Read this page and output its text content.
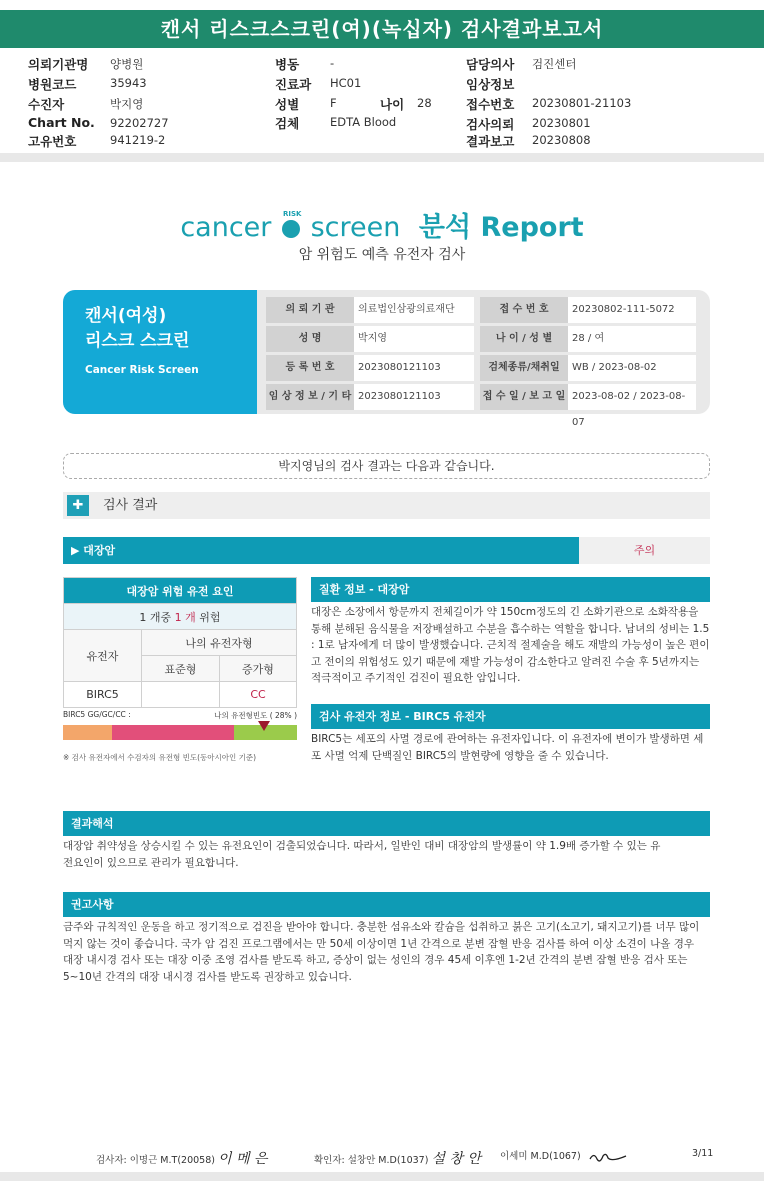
캔서 리스크스크린(여)(녹십자) 검사결과보고서
의뢰기관명 양병원
병원코드	35943
수진자	박지영
Chart No. 92202727
고유번호	941219-2
병동	-
진료과 HC01
성별	F	나이 28
검체	EDTA Blood
담당의사 검진센터
임상정보
접수번호 20230801-21103
검사의뢰 20230801
결과보고 20230808
cancer RISK screen 분석 Report
암 위험도 예측 유전자 검사
캔서(여성)
리스크 스크린
Cancer Risk Screen
의 뢰 기 관	의료법인삼광의료재단	접 수 번 호	20230802-111-5072
성 명	박지영	나 이 / 성 별	28 / 여
등 록 번 호	2023080121103	검체종류/채취일	WB / 2023-08-02
임 상 정 보 / 기 타 2023080121103	접 수 일 / 보 고 일 2023-08-02 / 2023-08-07
박지영님의 검사 결과는 다음과 같습니다.
✚	검사 결과
▶ 대장암	주의
대장암 위험 유전 요인		
1 개중 1 개 위험		
유전자	나의 유전자형	
	표준형	증가형
BIRC5		CC
BIRC5 GG/GC/CC :	나의 유전형빈도 ( 28% )
※ 검사 유전자에서 수검자의 유전형 빈도(동아시아인 기준)
질환 정보 - 대장암
대장은 소장에서 항문까지 전체길이가 약 150cm정도의 긴 소화기관으로 소화작용을 통해 분해된 음식물을 저장배설하고 수분을 흡수하는 역할을 합니다. 남녀의 성비는 1.5 : 1로 남자에게 더 많이 발생했습니다. 근치적 절제술을 해도 재발의 가능성이 높은 편이고 전이의 위험성도 있기 때문에 재발 가능성이 감소한다고 알려진 수술 후 5년까지는 적극적이고 주기적인 검진이 필요한 암입니다.
검사 유전자 정보 - BIRC5 유전자
BIRC5는 세포의 사멸 경로에 관여하는 유전자입니다. 이 유전자에 변이가 발생하면 세포 사멸 억제 단백질인 BIRC5의 발현량에 영향을 줄 수 있습니다.
결과해석
대장암 취약성을 상승시킬 수 있는 유전요인이 검출되었습니다. 따라서, 일반인 대비 대장암의 발생률이 약 1.9배 증가할 수 있는 유전요인이 있으므로 관리가 필요합니다.
권고사항
금주와 규칙적인 운동을 하고 정기적으로 검진을 받아야 합니다. 충분한 섬유소와 칼슘을 섭취하고 붉은 고기(소고기, 돼지고기)를 너무 많이 먹지 않는 것이 좋습니다. 국가 암 검진 프로그램에서는 만 50세 이상이면 1년 간격으로 분변 잠혈 반응 검사를 하여 이상 소견이 나올 경우 대장 내시경 검사 또는 대장 이중 조영 검사를 받도록 하고, 증상이 없는 성인의 경우 45세 이후엔 1-2년 간격의 분변 잠혈 반응 검사 또는 5~10년 간격의 대장 내시경 검사를 받도록 권장하고 있습니다.
검사자: 이명근 M.T(20058) 이 메 은	확인자: 설창안 M.D(1037) 설 창 안 이세미 M.D(1067)	3/11
